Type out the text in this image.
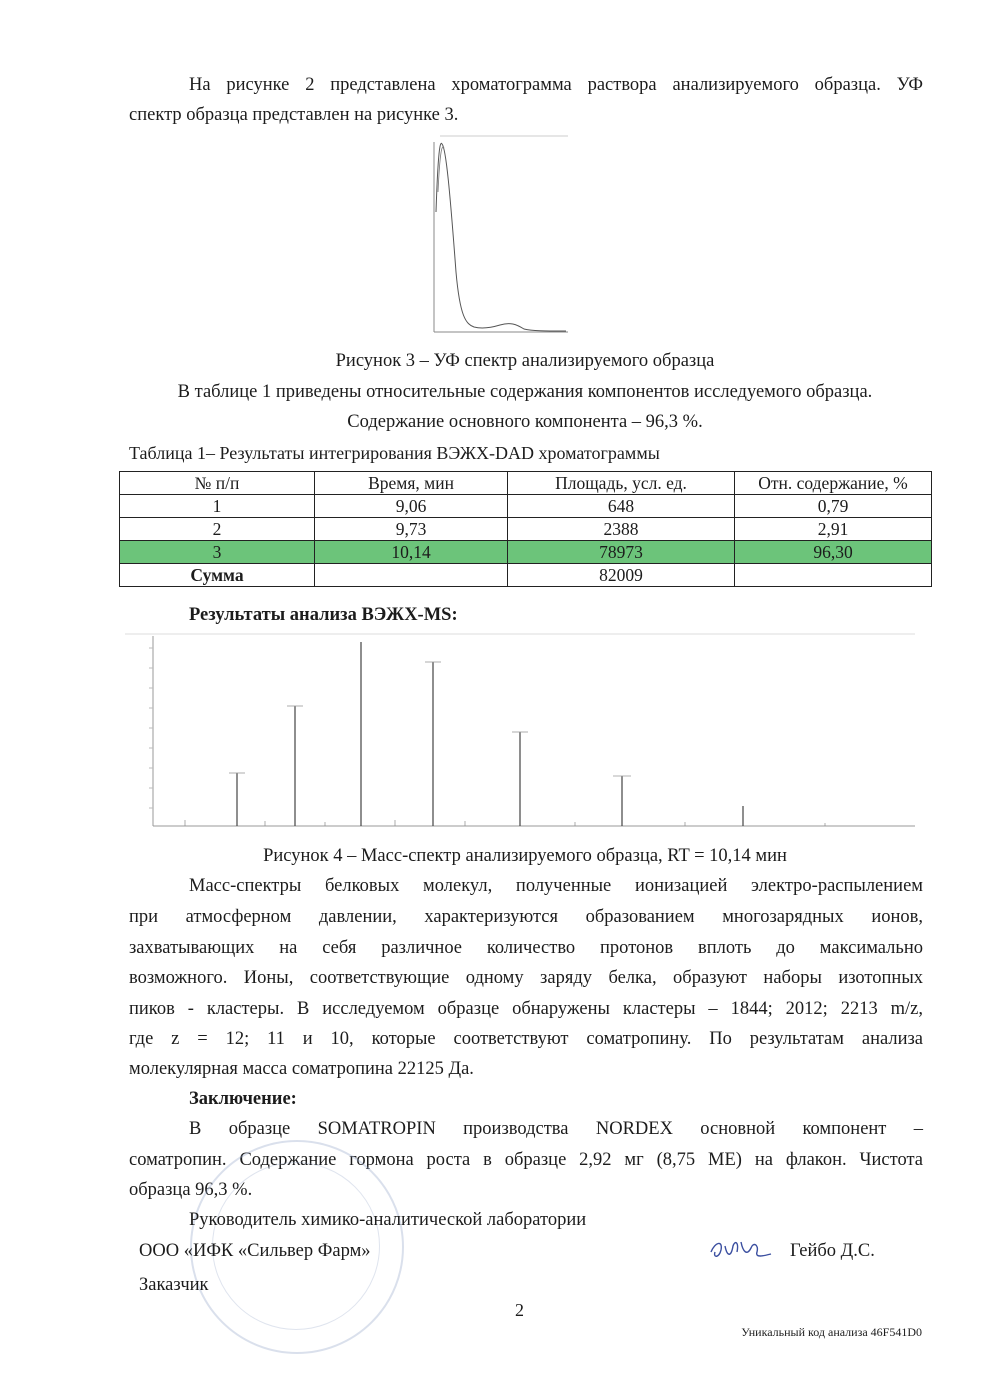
На рисунке 2 представлена хроматограмма раствора анализируемого образца. УФ
спектр образца представлен на рисунке 3.
Рисунок 3 – УФ спектр анализируемого образца
В таблице 1 приведены относительные содержания компонентов исследуемого образца.
Содержание основного компонента – 96,3 %.
Таблица 1– Результаты интегрирования ВЭЖХ-DAD хроматограммы
№ п/п	Время, мин	Площадь, усл. ед.	Отн. содержание, %
1	9,06	648	0,79
2	9,73	2388	2,91
3	10,14	78973	96,30
Сумма		82009	
Результаты анализа ВЭЖХ-MS:
Рисунок 4 – Масс-спектр анализируемого образца, RT = 10,14 мин
Масс-спектры белковых молекул, полученные ионизацией электро-распылением
при атмосферном давлении, характеризуются образованием многозарядных ионов,
захватывающих на себя различное количество протонов вплоть до максимально
возможного. Ионы, соответствующие одному заряду белка, образуют наборы изотопных
пиков - кластеры. В исследуемом образце обнаружены кластеры – 1844; 2012; 2213 m/z,
где z = 12; 11 и 10, которые соответствуют соматропину. По результатам анализа
молекулярная масса соматропина 22125 Да.
Заключение:
В образце SOMATROPIN производства NORDEX основной компонент –
соматропин. Содержание гормона роста в образце 2,92 мг (8,75 МЕ) на флакон. Чистота
образца 96,3 %.
Руководитель химико-аналитической лаборатории
ООО «ИФК «Сильвер Фарм»	Гейбо Д.С.
Заказчик
2
Уникальный код анализа 46F541D0
